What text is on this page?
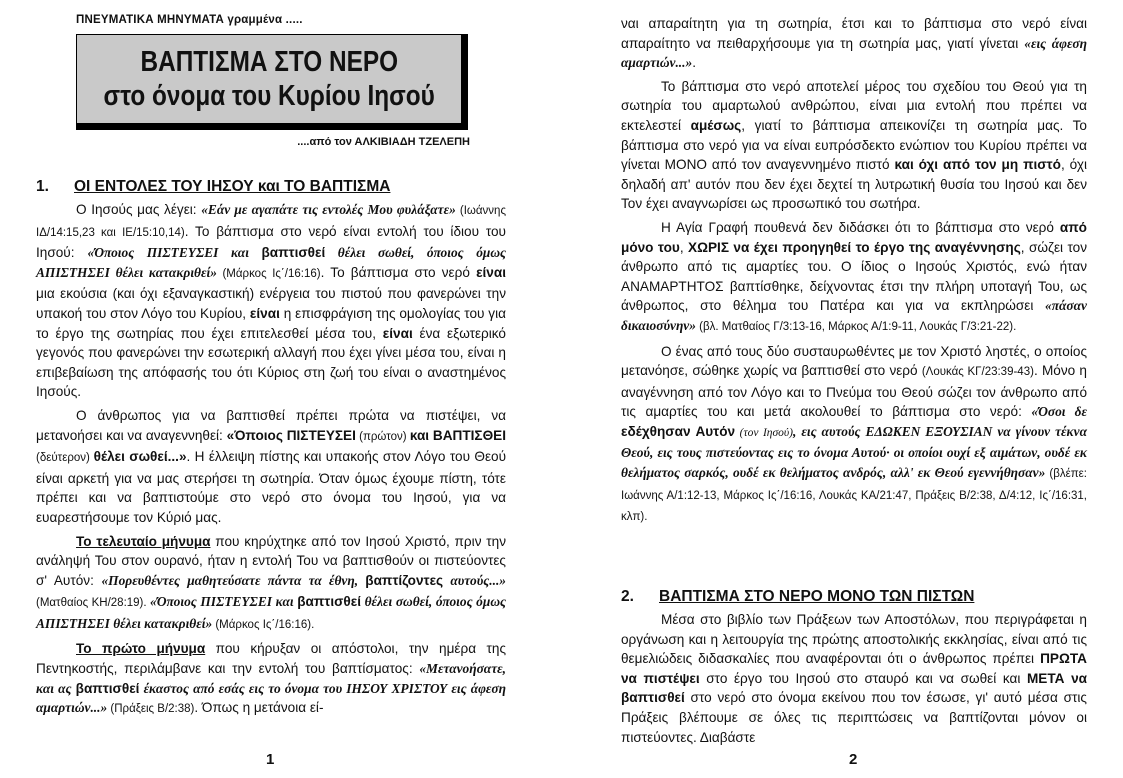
ΠΝΕΥΜΑΤΙΚΑ ΜΗΝΥΜΑΤΑ γραμμένα .....
ΒΑΠΤΙΣΜΑ ΣΤΟ ΝΕΡΟ
στο όνομα του Κυρίου Ιησού
....από τον ΑΛΚΙΒΙΑΔΗ ΤΖΕΛΕΠΗ
1.	ΟΙ ΕΝΤΟΛΕΣ ΤΟΥ ΙΗΣΟΥ και ΤΟ ΒΑΠΤΙΣΜΑ

Ο Ιησούς μας λέγει: «Εάν με αγαπάτε τις εντολές Μου φυλάξατε» (Ιωάννης ΙΔ/14:15,23 και ΙΕ/15:10,14). Το βάπτισμα στο νερό είναι εντολή του ίδιου του Ιησού: «Όποιος ΠΙΣΤΕΥΣΕΙ και βαπτισθεί θέλει σωθεί, όποιος όμως ΑΠΙΣΤΗΣΕΙ θέλει κατακριθεί» (Μάρκος Ις΄/16:16). Το βάπτισμα στο νερό είναι μια εκούσια (και όχι εξαναγκαστική) ενέργεια του πιστού που φανερώνει την υπακοή του στον Λόγο του Κυρίου, είναι η επισφράγιση της ομολογίας του για το έργο της σωτηρίας που έχει επιτελεσθεί μέσα του, είναι ένα εξωτερικό γεγονός που φανερώνει την εσωτερική αλλαγή που έχει γίνει μέσα του, είναι η επιβεβαίωση της απόφασής του ότι Κύριος στη ζωή του είναι ο αναστημένος Ιησούς.

Ο άνθρωπος για να βαπτισθεί πρέπει πρώτα να πιστέψει, να μετανοήσει και να αναγεννηθεί: «Όποιος ΠΙΣΤΕΥΣΕΙ (πρώτον) και ΒΑΠΤΙΣΘΕΙ (δεύτερον) θέλει σωθεί...». Η έλλειψη πίστης και υπακοής στον Λόγο του Θεού είναι αρκετή για να μας στερήσει τη σωτηρία. Όταν όμως έχουμε πίστη, τότε πρέπει και να βαπτιστούμε στο νερό στο όνομα του Ιησού, για να ευαρεστήσουμε τον Κύριό μας.

Το τελευταίο μήνυμα που κηρύχτηκε από τον Ιησού Χριστό, πριν την ανάληψή Του στον ουρανό, ήταν η εντολή Του να βαπτισθούν οι πιστεύοντες σ' Αυτόν: «Πορευθέντες μαθητεύσατε πάντα τα έθνη, βαπτίζοντες αυτούς...» (Ματθαίος ΚΗ/28:19). «Όποιος ΠΙΣΤΕΥΣΕΙ και βαπτισθεί θέλει σωθεί, όποιος όμως ΑΠΙΣΤΗΣΕΙ θέλει κατακριθεί» (Μάρκος Ις΄/16:16).

Το πρώτο μήνυμα που κήρυξαν οι απόστολοι, την ημέρα της Πεντηκοστής, περιλάμβανε και την εντολή του βαπτίσματος: «Μετανοήσατε, και ας βαπτισθεί έκαστος από εσάς εις το όνομα του ΙΗΣΟΥ ΧΡΙΣΤΟΥ εις άφεση αμαρτιών...» (Πράξεις Β/2:38). Όπως η μετάνοια εί-

1

ναι απαραίτητη για τη σωτηρία, έτσι και το βάπτισμα στο νερό είναι απαραίτητο να πειθαρχήσουμε για τη σωτηρία μας, γιατί γίνεται «εις άφεση αμαρτιών...».

Το βάπτισμα στο νερό αποτελεί μέρος του σχεδίου του Θεού για τη σωτηρία του αμαρτωλού ανθρώπου, είναι μια εντολή που πρέπει να εκτελεστεί αμέσως, γιατί το βάπτισμα απεικονίζει τη σωτηρία μας. Το βάπτισμα στο νερό για να είναι ευπρόσδεκτο ενώπιον του Κυρίου πρέπει να γίνεται ΜΟΝΟ από τον αναγεννημένο πιστό και όχι από τον μη πιστό, όχι δηλαδή απ' αυτόν που δεν έχει δεχτεί τη λυτρωτική θυσία του Ιησού και δεν Τον έχει αναγνωρίσει ως προσωπικό του σωτήρα.

Η Αγία Γραφή πουθενά δεν διδάσκει ότι το βάπτισμα στο νερό από μόνο του, ΧΩΡΙΣ να έχει προηγηθεί το έργο της αναγέννησης, σώζει τον άνθρωπο από τις αμαρτίες του. Ο ίδιος ο Ιησούς Χριστός, ενώ ήταν ΑΝΑΜΑΡΤΗΤΟΣ βαπτίσθηκε, δείχνοντας έτσι την πλήρη υποταγή Του, ως άνθρωπος, στο θέλημα του Πατέρα και για να εκπληρώσει «πάσαν δικαιοσύνην» (βλ. Ματθαίος Γ/3:13-16, Μάρκος Α/1:9-11, Λουκάς Γ/3:21-22).

Ο ένας από τους δύο συσταυρωθέντες με τον Χριστό ληστές, ο οποίος μετανόησε, σώθηκε χωρίς να βαπτισθεί στο νερό (Λουκάς ΚΓ/23:39-43). Μόνο η αναγέννηση από τον Λόγο και το Πνεύμα του Θεού σώζει τον άνθρωπο από τις αμαρτίες του και μετά ακολουθεί το βάπτισμα στο νερό: «Όσοι δε εδέχθησαν Αυτόν (τον Ιησού), εις αυτούς ΕΔΩΚΕΝ ΕΞΟΥΣΙΑΝ να γίνουν τέκνα Θεού, εις τους πιστεύοντας εις το όνομα Αυτού· οι οποίοι ουχί εξ αιμάτων, ουδέ εκ θελήματος σαρκός, ουδέ εκ θελήματος ανδρός, αλλ' εκ Θεού εγεννήθησαν» (βλέπε: Ιωάννης Α/1:12-13, Μάρκος Ις΄/16:16, Λουκάς ΚΑ/21:47, Πράξεις Β/2:38, Δ/4:12, Ις΄/16:31, κλπ).

2.	ΒΑΠΤΙΣΜΑ ΣΤΟ ΝΕΡΟ ΜΟΝΟ ΤΩΝ ΠΙΣΤΩΝ

Μέσα στο βιβλίο των Πράξεων των Αποστόλων, που περιγράφεται η οργάνωση και η λειτουργία της πρώτης αποστολικής εκκλησίας, είναι από τις θεμελιώδεις διδασκαλίες που αναφέρονται ότι ο άνθρωπος πρέπει ΠΡΩΤΑ να πιστέψει στο έργο του Ιησού στο σταυρό και να σωθεί και ΜΕΤΑ να βαπτισθεί στο νερό στο όνομα εκείνου που τον έσωσε, γι' αυτό μέσα στις Πράξεις βλέπουμε σε όλες τις περιπτώσεις να βαπτίζονται μόνον οι πιστεύοντες. Διαβάστε

2
